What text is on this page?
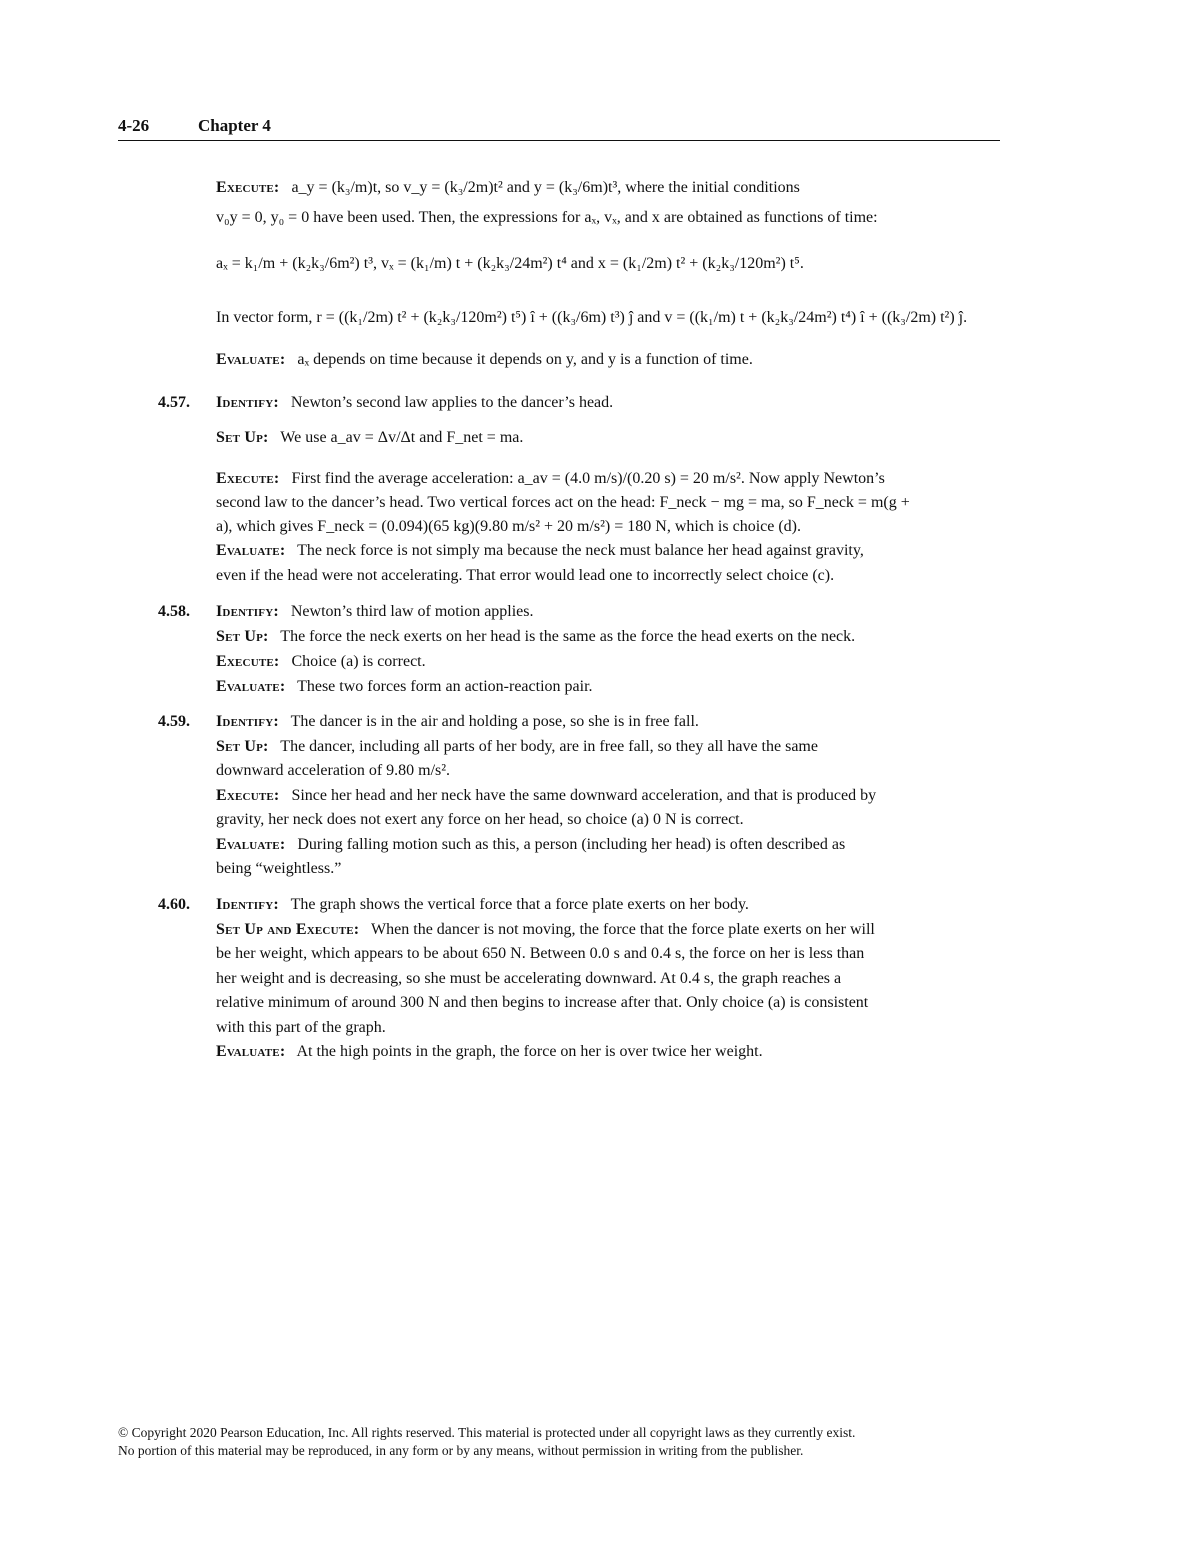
4-26	Chapter 4
Execute: a_y = (k₃/m)t, so v_y = (k₃/2m)t² and y = (k₃/6m)t³, where the initial conditions
v₀y = 0, y₀ = 0 have been used. Then, the expressions for aₓ, vₓ, and x are obtained as functions of time:
aₓ = k₁/m + (k₂k₃/6m²) t³, vₓ = (k₁/m) t + (k₂k₃/24m²) t⁴ and x = (k₁/2m) t² + (k₂k₃/120m²) t⁵.
In vector form, r = ((k₁/2m) t² + (k₂k₃/120m²) t⁵) î + ((k₃/6m) t³) ĵ and v = ((k₁/m) t + (k₂k₃/24m²) t⁴) î + ((k₃/2m) t²) ĵ.
Evaluate: aₓ depends on time because it depends on y, and y is a function of time.
4.57. Identify: Newton’s second law applies to the dancer’s head.
Set Up: We use a_av = Δv/Δt and F_net = ma.
Execute: First find the average acceleration: a_av = (4.0 m/s)/(0.20 s) = 20 m/s². Now apply Newton’s
second law to the dancer’s head. Two vertical forces act on the head: F_neck − mg = ma, so F_neck = m(g +
a), which gives F_neck = (0.094)(65 kg)(9.80 m/s² + 20 m/s²) = 180 N, which is choice (d).
Evaluate: The neck force is not simply ma because the neck must balance her head against gravity,
even if the head were not accelerating. That error would lead one to incorrectly select choice (c).
4.58. Identify: Newton’s third law of motion applies.
Set Up: The force the neck exerts on her head is the same as the force the head exerts on the neck.
Execute: Choice (a) is correct.
Evaluate: These two forces form an action-reaction pair.
4.59. Identify: The dancer is in the air and holding a pose, so she is in free fall.
Set Up: The dancer, including all parts of her body, are in free fall, so they all have the same
downward acceleration of 9.80 m/s².
Execute: Since her head and her neck have the same downward acceleration, and that is produced by
gravity, her neck does not exert any force on her head, so choice (a) 0 N is correct.
Evaluate: During falling motion such as this, a person (including her head) is often described as
being “weightless.”
4.60. Identify: The graph shows the vertical force that a force plate exerts on her body.
Set Up and Execute: When the dancer is not moving, the force that the force plate exerts on her will
be her weight, which appears to be about 650 N. Between 0.0 s and 0.4 s, the force on her is less than
her weight and is decreasing, so she must be accelerating downward. At 0.4 s, the graph reaches a
relative minimum of around 300 N and then begins to increase after that. Only choice (a) is consistent
with this part of the graph.
Evaluate: At the high points in the graph, the force on her is over twice her weight.
© Copyright 2020 Pearson Education, Inc. All rights reserved. This material is protected under all copyright laws as they currently exist.
No portion of this material may be reproduced, in any form or by any means, without permission in writing from the publisher.
